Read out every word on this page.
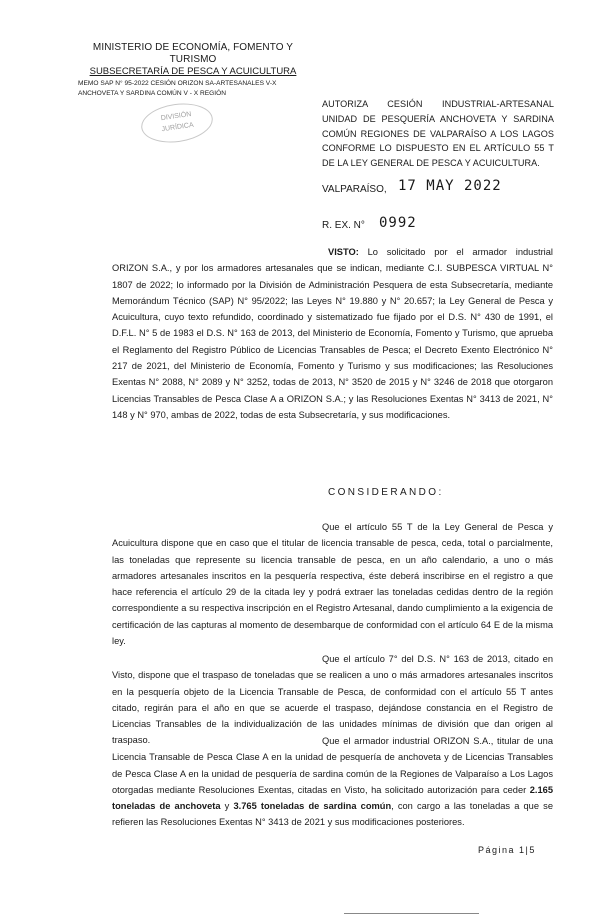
MINISTERIO DE ECONOMÍA, FOMENTO Y TURISMO
SUBSECRETARÍA DE PESCA Y ACUICULTURA
MEMO SAP N° 95-2022 CESIÓN ORIZON SA-ARTESANALES V-X
ANCHOVETA Y SARDINA COMÚN V - X REGIÓN
DIVISIÓN
JURÍDICA
AUTORIZA CESIÓN INDUSTRIAL-ARTESANAL UNIDAD DE PESQUERÍA ANCHOVETA Y SARDINA COMÚN REGIONES DE VALPARAÍSO A LOS LAGOS CONFORME LO DISPUESTO EN EL ARTÍCULO 55 T DE LA LEY GENERAL DE PESCA Y ACUICULTURA.
VALPARAÍSO, 17 MAY 2022
R. EX. N° 0992

VISTO: Lo solicitado por el armador industrial ORIZON S.A., y por los armadores artesanales que se indican, mediante C.I. SUBPESCA VIRTUAL N° 1807 de 2022; lo informado por la División de Administración Pesquera de esta Subsecretaría, mediante Memorándum Técnico (SAP) N° 95/2022; las Leyes N° 19.880 y N° 20.657; la Ley General de Pesca y Acuicultura, cuyo texto refundido, coordinado y sistematizado fue fijado por el D.S. N° 430 de 1991, el D.F.L. N° 5 de 1983 el D.S. N° 163 de 2013, del Ministerio de Economía, Fomento y Turismo, que aprueba el Reglamento del Registro Público de Licencias Transables de Pesca; el Decreto Exento Electrónico N° 217 de 2021, del Ministerio de Economía, Fomento y Turismo y sus modificaciones; las Resoluciones Exentas N° 2088, N° 2089 y N° 3252, todas de 2013, N° 3520 de 2015 y N° 3246 de 2018 que otorgaron Licencias Transables de Pesca Clase A a ORIZON S.A.; y las Resoluciones Exentas N° 3413 de 2021, N° 148 y N° 970, ambas de 2022, todas de esta Subsecretaría, y sus modificaciones.

CONSIDERANDO:

Que el artículo 55 T de la Ley General de Pesca y Acuicultura dispone que en caso que el titular de licencia transable de pesca, ceda, total o parcialmente, las toneladas que represente su licencia transable de pesca, en un año calendario, a uno o más armadores artesanales inscritos en la pesquería respectiva, éste deberá inscribirse en el registro a que hace referencia el artículo 29 de la citada ley y podrá extraer las toneladas cedidas dentro de la región correspondiente a su respectiva inscripción en el Registro Artesanal, dando cumplimiento a la exigencia de certificación de las capturas al momento de desembarque de conformidad con el artículo 64 E de la misma ley.

Que el artículo 7° del D.S. N° 163 de 2013, citado en Visto, dispone que el traspaso de toneladas que se realicen a uno o más armadores artesanales inscritos en la pesquería objeto de la Licencia Transable de Pesca, de conformidad con el artículo 55 T antes citado, regirán para el año en que se acuerde el traspaso, dejándose constancia en el Registro de Licencias Transables de la individualización de las unidades mínimas de división que dan origen al traspaso.	Que el armador industrial ORIZON S.A., titular de una Licencia Transable de Pesca Clase A en la unidad de pesquería de anchoveta y de Licencias Transables de Pesca Clase A en la unidad de pesquería de sardina común de la Regiones de Valparaíso a Los Lagos otorgadas mediante Resoluciones Exentas, citadas en Visto, ha solicitado autorización para ceder 2.165 toneladas de anchoveta y 3.765 toneladas de sardina común, con cargo a las toneladas a que se refieren las Resoluciones Exentas N° 3413 de 2021 y sus modificaciones posteriores.

Página 1|5
